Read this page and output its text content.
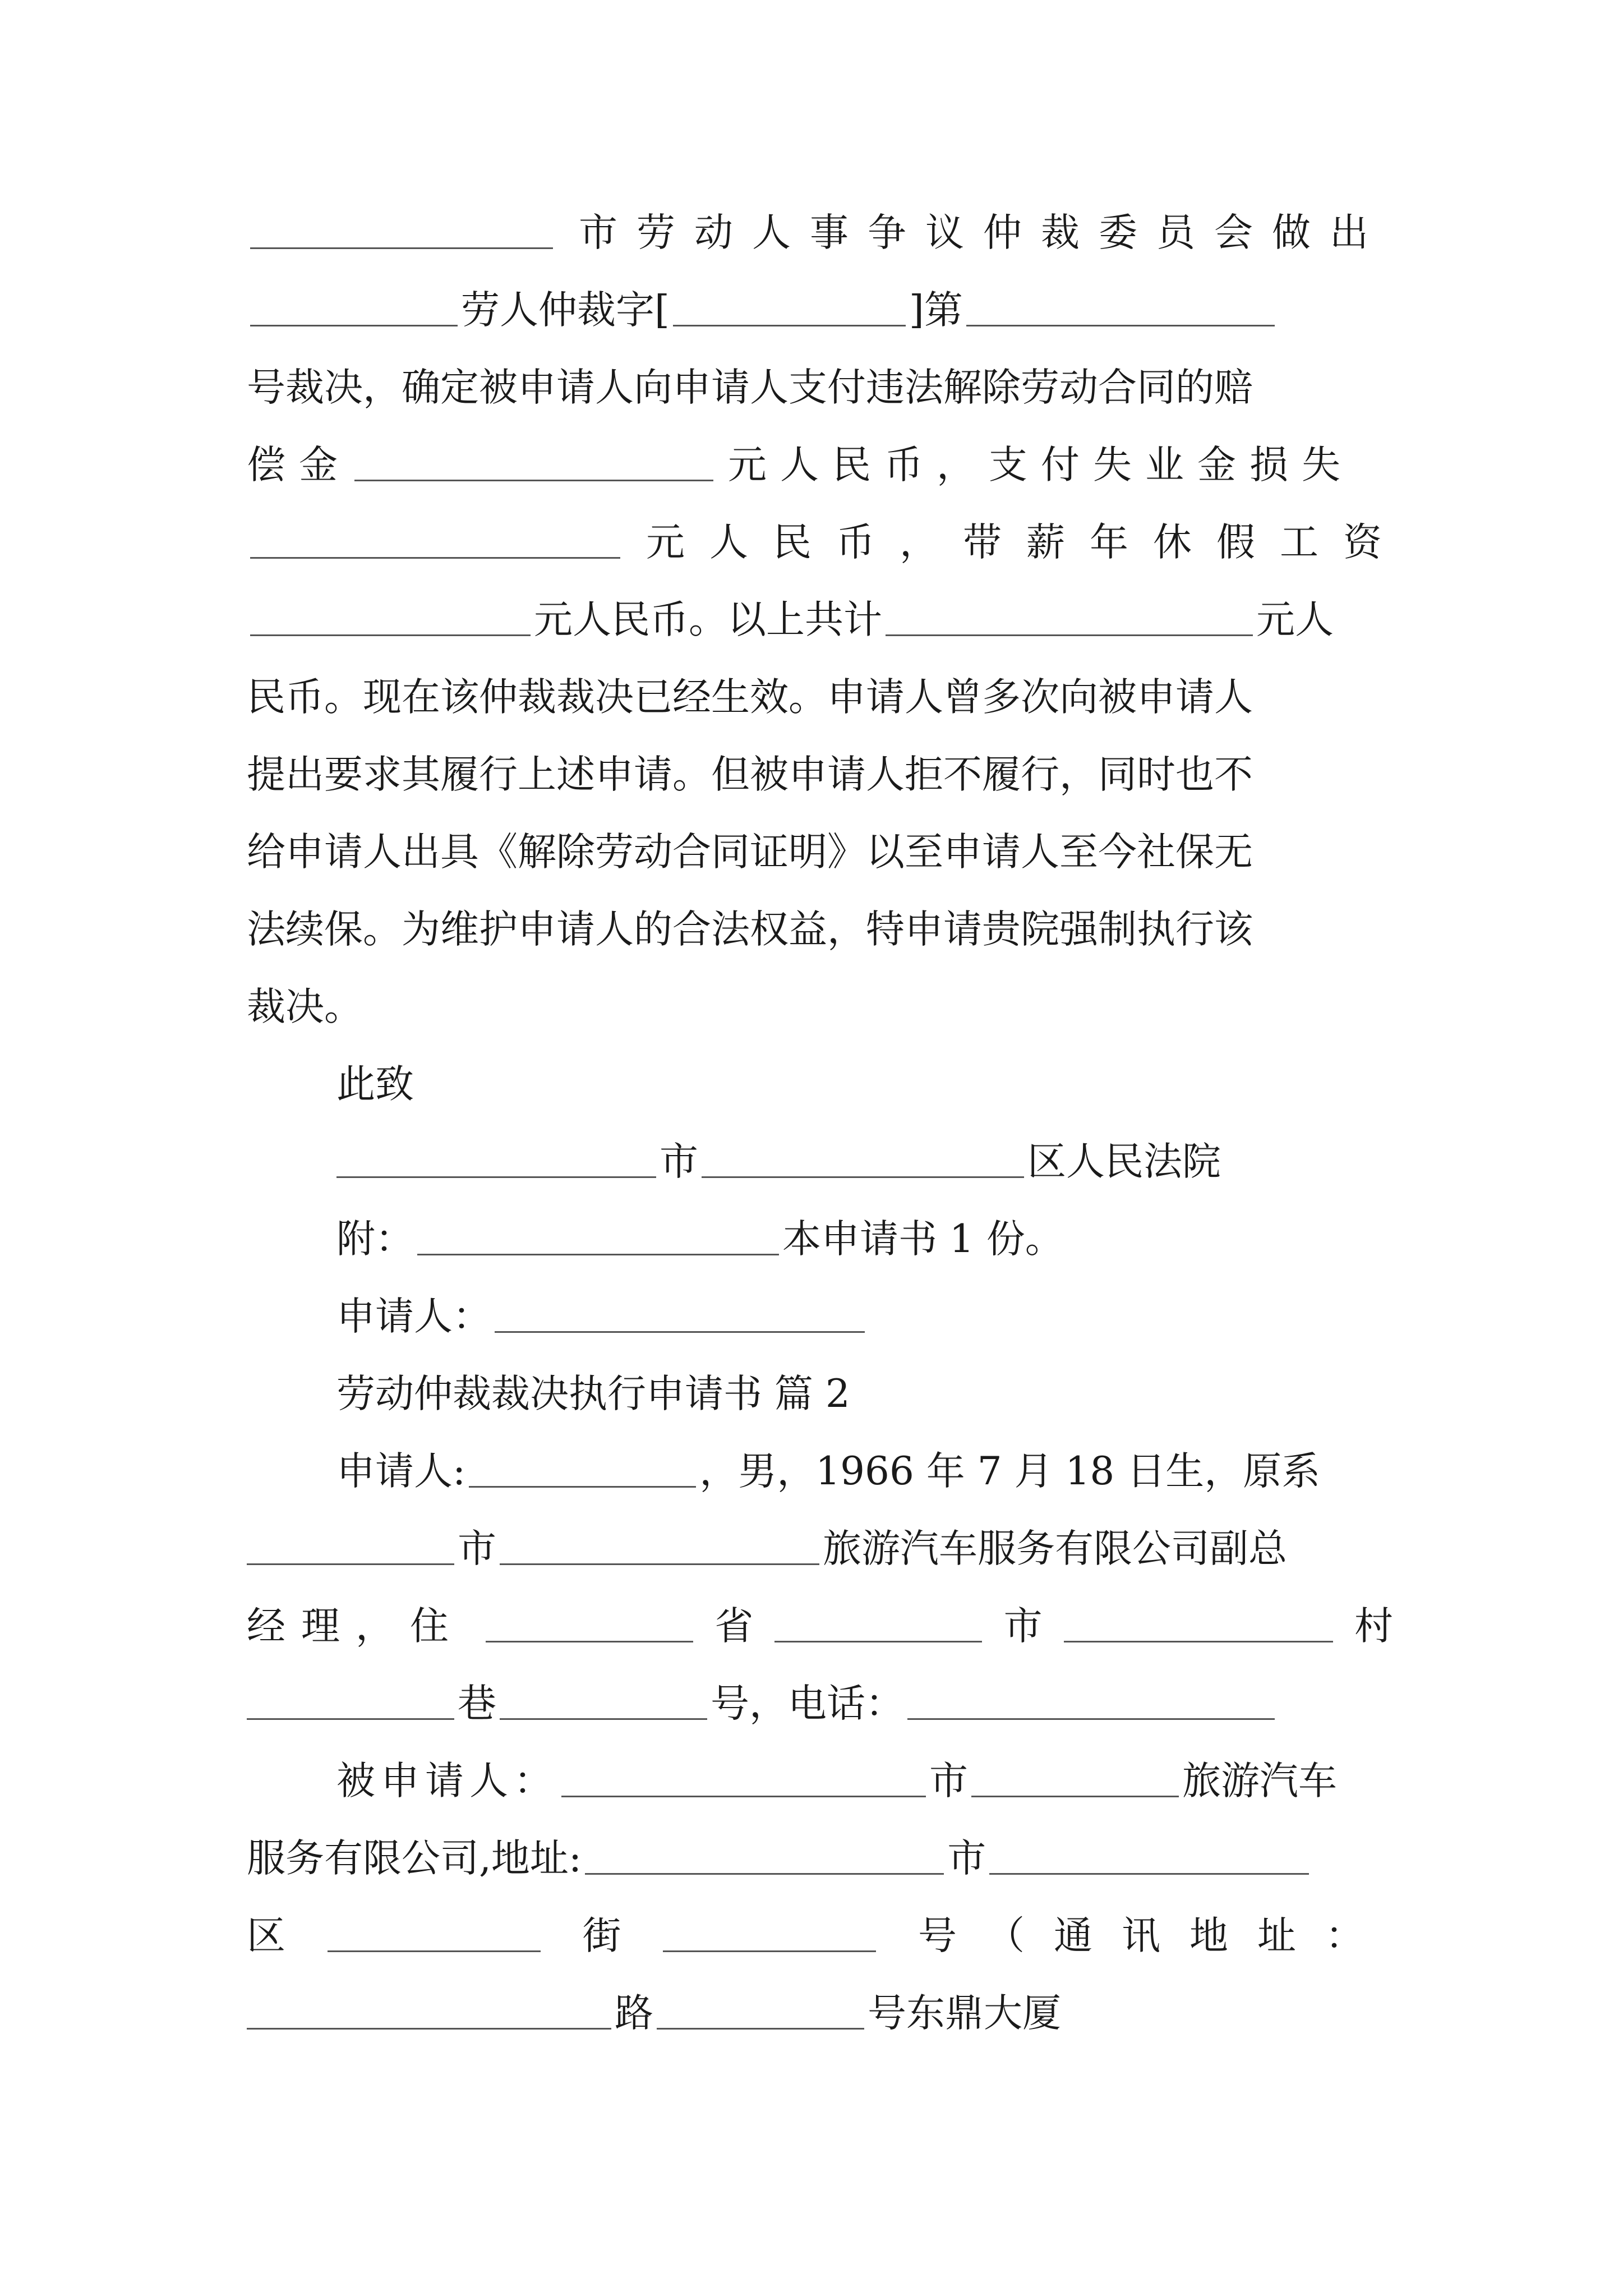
市劳动人事争议仲裁委员会做出
劳人仲裁字[	]第
号裁决，确定被申请人向申请人支付违法解除劳动合同的赔
偿金	元人民币，支付失业金损失
元人民币，带薪年休假工资
元人民币。以上共计	元人
民币。现在该仲裁裁决已经生效。申请人曾多次向被申请人
提出要求其履行上述申请。但被申请人拒不履行，同时也不
给申请人出具《解除劳动合同证明》以至申请人至今社保无
法续保。为维护申请人的合法权益，特申请贵院强制执行该
裁决。
此致
市	区人民法院
附：	本申请书 1 份。
申请人：
劳动仲裁裁决执行申请书 篇 2
申请人:	，男，1966 年 7 月 18 日生，原系
市	旅游汽车服务有限公司副总
经理，住	省	市	村
巷	号，电话：
被申请人：	市	旅游汽车
服务有限公司,地址:	市
区	街	号（通讯地址：
路	号东鼎大厦
